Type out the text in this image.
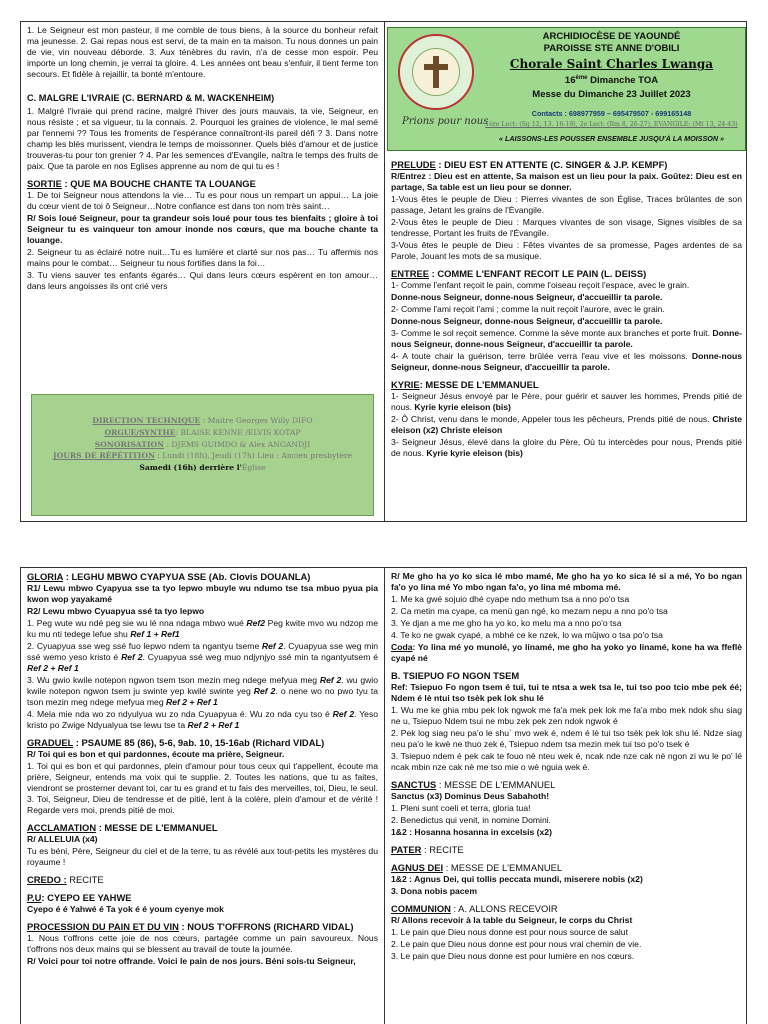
1. Le Seigneur est mon pasteur, il me comble de tous biens, à la source du bonheur refait ma jeunesse. 2. Gai repas nous est servi, de ta main en ta maison. Tu nous donnes un pain de vie, vin nouveau déborde. 3. Aux ténèbres du ravin, n'a de cesse mon espoir. Peu importe un long chemin, je verrai ta gloire. 4. Les années ont beau s'enfuir, il tient ferme ton secours. Et fidèle à rejaillir, ta bonté m'entoure.

C. MALGRE L'IVRAIE (C. BERNARD & M. WACKENHEIM)

1. Malgré l'ivraie qui prend racine, malgré l'hiver des jours mauvais, ta vie, Seigneur, en nous résiste ; et sa vigueur, tu la connais. 2. Pourquoi les graines de violence, le mal semé par l'ennemi ?? Tous les froments de l'espérance connaîtront-ils pareil défi ? 3. Dans notre champ les blés murissent, viendra le temps de moissonner. Quels blés d'amour et de justice trouveras-tu pour ton grenier ? 4. Par les semences d'Evangile, naîtra le temps des fruits de paix. Que ta parole en nos Eglises apprenne au nom de qui tu es !

SORTIE : QUE MA BOUCHE CHANTE TA LOUANGE

1. De toi Seigneur nous attendons la vie… Tu es pour nous un rempart un appui… La joie du cœur vient de toi ô Seigneur…Notre confiance est dans ton nom très saint…

R/ Sois loué Seigneur, pour ta grandeur sois loué pour tous tes bienfaits ; gloire à toi Seigneur tu es vainqueur ton amour inonde nos cœurs, que ma bouche chante ta louange.

2. Seigneur tu as éclairé notre nuit…Tu es lumière et clarté sur nos pas… Tu affermis nos mains pour le combat… Seigneur tu nous fortifies dans la foi…

3. Tu viens sauver tes enfants égarés… Qui dans leurs cœurs espèrent en ton amour… dans leurs angoisses ils ont crié vers

DIRECTION TECHNIQUE : Maitre Georges Willy DIFO
ORGUE/SYNTHE: BLAISE KENNE /ELVIS KOTAP
SONORISATION : DJEMS GUIMDO & Alex ANGANDJI
JOURS DE RÉPÉTITION : Lundi (18h), Jeudi (17h) Lieu : Ancien presbytère
Samedi (16h) derrière l'Église
Prions pour nous
ARCHIDIOCÈSE DE YAOUNDÉ
PAROISSE STE ANNE D'OBILI
Chorale Saint Charles Lwanga
16ème Dimanche TOA
Messe du Dimanche 23 Juillet 2023
Contacts : 698977959 – 695479507 - 699165148
1ère Lect: (Sg 12, 13. 16-19), 2e Lect: (Rm 8, 26-27), EVANGILE: (Mt 13, 24-43)
« LAISSONS-LES POUSSER ENSEMBLE JUSQU'À LA MOISSON »
PRELUDE : DIEU EST EN ATTENTE (C. SINGER & J.P. KEMPF)

R/Entrez : Dieu est en attente, Sa maison est un lieu pour la paix. Goûtez: Dieu est en partage, Sa table est un lieu pour se donner.

1-Vous êtes le peuple de Dieu : Pierres vivantes de son Église, Traces brûlantes de son passage, Jetant les grains de l'Évangile.

2-Vous êtes le peuple de Dieu : Marques vivantes de son visage, Signes visibles de sa tendresse, Portant les fruits de l'Évangile.

3-Vous êtes le peuple de Dieu : Fêtes vivantes de sa promesse, Pages ardentes de sa Parole, Jouant les mots de sa musique.

ENTREE : COMME L'ENFANT RECOIT LE PAIN (L. DEISS)

1- Comme l'enfant reçoit le pain, comme l'oiseau reçoit l'espace, avec le grain.

Donne-nous Seigneur, donne-nous Seigneur, d'accueillir ta parole.

2- Comme l'ami reçoit l'ami ; comme la nuit reçoit l'aurore, avec le grain.

Donne-nous Seigneur, donne-nous Seigneur, d'accueillir ta parole.

3- Comme le sol reçoit semence. Comme la sève monte aux branches et porte fruit. Donne-nous Seigneur, donne-nous Seigneur, d'accueillir ta parole.

4- A toute chair la guérison, terre brûlée verra l'eau vive et les moissons. Donne-nous Seigneur, donne-nous Seigneur, d'accueillir ta parole.

KYRIE: MESSE DE L'EMMANUEL

1- Seigneur Jésus envoyé par le Père, pour guérir et sauver les hommes, Prends pitié de nous. Kyrie kyrie eleison (bis)

2- Ô Christ, venu dans le monde, Appeler tous les pêcheurs, Prends pitié de nous. Christe eleison (x2) Christe eleison

3- Seigneur Jésus, élevé dans la gloire du Père, Où tu intercèdes pour nous, Prends pitié de nous. Kyrie kyrie eleison (bis)

GLORIA : LEGHU MBWO CYAPYUA SSE (Ab. Clovis DOUANLA)

R1/ Lewu mbwo Cyapyua sse ta tyo lepwo mbuyle wu ndumo tse tsa mbuo pyua pia kwon wop yayakamé

R2/ Lewu mbwo Cyuapyua ssé ta tyo lepwo

1. Peg wute wu ndé peg sie wu lé nna ndaga mbwo wué Ref2 Peg kwite mvo wu ndzop me ku mu nti tedege lefue shu Ref 1 + Ref1

2. Cyuapyua sse weg ssé fuo lepwo ndem ta ngantyu tseme Ref 2. Cyuapyua sse weg min ssé wemo yeso kristo é Ref 2. Cyuapyua ssé weg muo ndjynjyo ssé min ta ngantyutsem é Ref 2 + Ref 1

3. Wu gwio kwile notepon ngwon tsem tson mezin meg ndege mefyua meg Ref 2. wu gwio kwile notepon ngwon tsem ju swinte yep kwilé swinte yeg Ref 2. o nene wo no pwo tyu ta tson mezin meg ndege mefyua meg Ref 2 + Ref 1

4. Mela mie nda wo zo ndyulyua wu zo nda Cyuapyua é. Wu zo nda cyu tso é Ref 2. Yeso kristo po Zwige Ndyualyua tse lewu tse ta Ref 2 + Ref 1

GRADUEL : PSAUME 85 (86), 5-6, 9ab. 10, 15-16ab (Richard VIDAL)

R/ Toi qui es bon et qui pardonnes, écoute ma prière, Seigneur.

1. Toi qui es bon et qui pardonnes, plein d'amour pour tous ceux qui t'appellent, écoute ma prière, Seigneur, entends ma voix qui te supplie. 2. Toutes les nations, que tu as faites, viendront se prosterner devant toi, car tu es grand et tu fais des merveilles, toi, Dieu, le seul. 3. Toi, Seigneur, Dieu de tendresse et de pitié, lent à la colère, plein d'amour et de vérité ! Regarde vers moi, prends pitié de moi.

ACCLAMATION : MESSE DE L'EMMANUEL

R/ ALLELUIA (x4)

Tu es béni, Père, Seigneur du ciel et de la terre, tu as révélé aux tout-petits les mystères du royaume !

CREDO : RECITE
P.U: CYEPO EE YAHWE

Cyepo é é Yahwé é Ta yok é é youm cyenye mok

PROCESSION DU PAIN ET DU VIN : NOUS T'OFFRONS (RICHARD VIDAL)

1. Nous t'offrons cette joie de nos cœurs, partagée comme un pain savoureux. Nous t'offrons nos deux mains qui se blessent au travail de toute la journée.

R/ Voici pour toi notre offrande. Voici le pain de nos jours. Béni sois-tu Seigneur,

R/ Me gho ha yo ko sica lé mbo mamé, Me gho ha yo ko sica lé si a mé, Yo bo ngan fa'o yo lina mé Yo mbo ngan fa'o, yo lina mé mboma mé.

1. Me ka gwé sojuio dhé cyape ndo methum tsa a nno po'o tsa

2. Ca metin ma cyape, ca menü gan ngé, ko mezam nepu a nno po'o tsa

3. Ye djan a me me gho ha yo ko, ko melu ma a nno po'o tsa

4. Te ko ne gwak cyapé, a mbhé ce ke nzek, lo wa mûjwo o tsa po'o tsa

Coda: Yo lina mé yo munolé, yo linamé, me gho ha yoko yo linamé, kone ha wa ffeflè cyapé né

B. TSIEPUO FO NGON TSEM

Ref: Tsiepuo Fo ngon tsem é tui, tui te ntsa a wek tsa le, tui tso poo tcio mbe pek éé; Ndem é lè ntui tso tsèk pek lok shu lé

1. Wu me ke ghia mbu pek lok ngwok me fa'a mek pek lok me fa'a mbo mek ndok shu siag ne u, Tsiepuo Ndem tsui ne mbu zek pek zen ndok ngwok é

2. Pek log siag neu pa'o le shu` mvo wek é, ndem é lè tui tso tsèk pek lok shu lé. Ndze siag neu pa'o le kwè ne thuo zek é, Tsiepuo ndem tsa mezin mek tui tso po'o tsek é

3. Tsiepuo ndem é pek cak te fouo nè nteu wek é, ncak nde nze cak nè ngon zi wu le po' lé ncak mbin nze cak nè me tso mie o wè nguia wek é.

SANCTUS : MESSE DE L'EMMANUEL

Sanctus (x3) Dominus Deus Sabahoth!

1. Pleni sunt coeli et terra, gloria tua!

2. Benedictus qui venit, in nomine Domini.

1&2 : Hosanna hosanna in excelsis (x2)

PATER : RECITE
AGNUS DEI : MESSE DE L'EMMANUEL

1&2 : Agnus Dei, qui tollis peccata mundi, miserere nobis (x2)

3. Dona nobis pacem

COMMUNION : A. ALLONS RECEVOIR

R/ Allons recevoir à la table du Seigneur, le corps du Christ

1. Le pain que Dieu nous donne est pour nous source de salut

2. Le pain que Dieu nous donne est pour nous vrai chemin de vie.

3. Le pain que Dieu nous donne est pour lumière en nos cœurs.
